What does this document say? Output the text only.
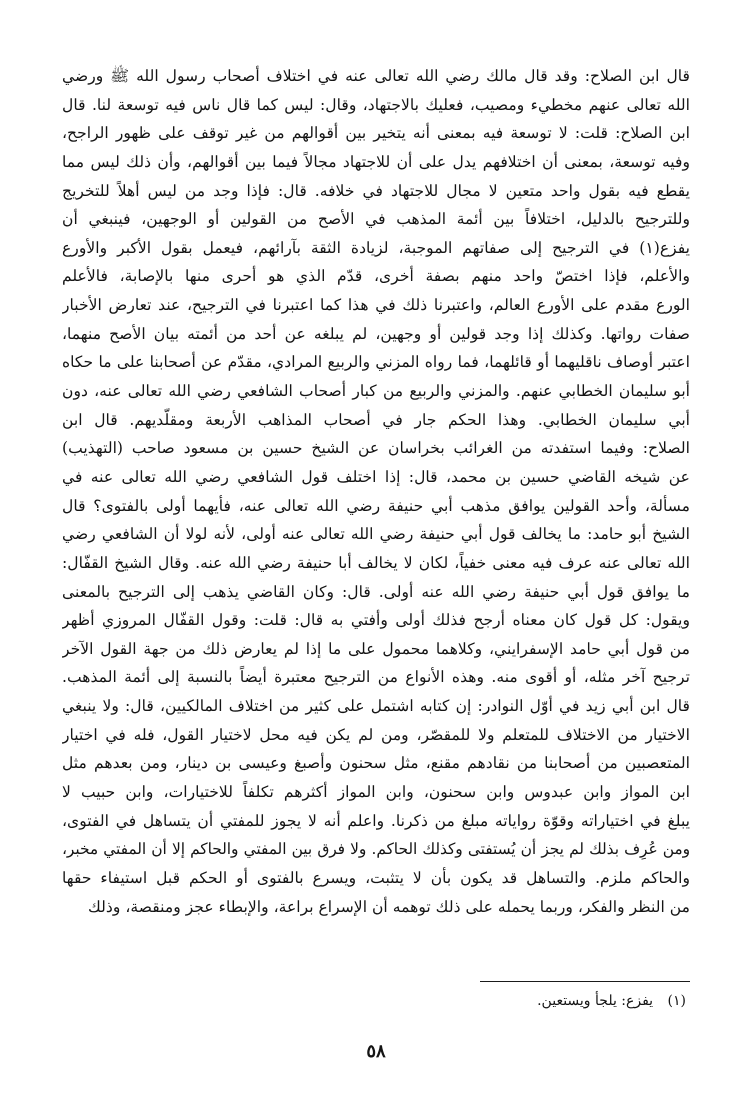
قال ابن الصلاح: وقد قال مالك رضي الله تعالى عنه في اختلاف أصحاب رسول الله ﷺ ورضي
الله تعالى عنهم مخطيء ومصيب، فعليك بالاجتهاد، وقال: ليس كما قال ناس فيه توسعة لنا. قال
ابن الصلاح: قلت: لا توسعة فيه بمعنى أنه يتخير بين أقوالهم من غير توقف على ظهور الراجح،
وفيه توسعة، بمعنى أن اختلافهم يدل على أن للاجتهاد مجالاً فيما بين أقوالهم، وأن ذلك ليس مما
يقطع فيه بقول واحد متعين لا مجال للاجتهاد في خلافه. قال: فإذا وجد من ليس أهلاً للتخريج
وللترجيح بالدليل، اختلافاً بين أئمة المذهب في الأصح من القولين أو الوجهين، فينبغي أن
يفزع(١) في الترجيح إلى صفاتهم الموجبة، لزيادة الثقة بآرائهم، فيعمل بقول الأكبر والأورع
والأعلم، فإذا اختصّ واحد منهم بصفة أخرى، قدّم الذي هو أحرى منها بالإصابة، فالأعلم
الورع مقدم على الأورع العالم، واعتبرنا ذلك في هذا كما اعتبرنا في الترجيح، عند تعارض الأخبار
صفات رواتها. وكذلك إذا وجد قولين أو وجهين، لم يبلغه عن أحد من أئمته بيان الأصح منهما،
اعتبر أوصاف ناقليهما أو قائلهما، فما رواه المزني والربيع المرادي، مقدّم عن أصحابنا على ما حكاه
أبو سليمان الخطابي عنهم. والمزني والربيع من كبار أصحاب الشافعي رضي الله تعالى عنه، دون
أبي سليمان الخطابي. وهذا الحكم جار في أصحاب المذاهب الأربعة ومقلّديهم. قال ابن
الصلاح: وفيما استفدته من الغرائب بخراسان عن الشيخ حسين بن مسعود صاحب (التهذيب)
عن شيخه القاضي حسين بن محمد، قال: إذا اختلف قول الشافعي رضي الله تعالى عنه في
مسألة، وأحد القولين يوافق مذهب أبي حنيفة رضي الله تعالى عنه، فأيهما أولى بالفتوى؟ قال
الشيخ أبو حامد: ما يخالف قول أبي حنيفة رضي الله تعالى عنه أولى، لأنه لولا أن الشافعي رضي
الله تعالى عنه عرف فيه معنى خفياً، لكان لا يخالف أبا حنيفة رضي الله عنه. وقال الشيخ القفّال:
ما يوافق قول أبي حنيفة رضي الله عنه أولى. قال: وكان القاضي يذهب إلى الترجيح بالمعنى
ويقول: كل قول كان معناه أرجح فذلك أولى وأفتي به قال: قلت: وقول القفّال المروزي أظهر
من قول أبي حامد الإسفرايني، وكلاهما محمول على ما إذا لم يعارض ذلك من جهة القول الآخر
ترجيح آخر مثله، أو أقوى منه. وهذه الأنواع من الترجيح معتبرة أيضاً بالنسبة إلى أئمة المذهب.
قال ابن أبي زيد في أوّل النوادر: إن كتابه اشتمل على كثير من اختلاف المالكيين، قال: ولا ينبغي
الاختيار من الاختلاف للمتعلم ولا للمقصّر، ومن لم يكن فيه محل لاختيار القول، فله في اختيار
المتعصبين من أصحابنا من نقادهم مقنع، مثل سحنون وأصبغ وعيسى بن دينار، ومن بعدهم مثل
ابن المواز وابن عبدوس وابن سحنون، وابن المواز أكثرهم تكلفاً للاختيارات، وابن حبيب لا
يبلغ في اختياراته وقوّة رواياته مبلغ من ذكرنا. واعلم أنه لا يجوز للمفتي أن يتساهل في الفتوى،
ومن عُرِف بذلك لم يجز أن يُستفتى وكذلك الحاكم. ولا فرق بين المفتي والحاكم إلا أن المفتي مخبر،
والحاكم ملزم. والتساهل قد يكون بأن لا يتثبت، ويسرع بالفتوى أو الحكم قبل استيفاء حقها
من النظر والفكر، وربما يحمله على ذلك توهمه أن الإسراع براعة، والإبطاء عجز ومنقصة، وذلك
(١) يفزع: يلجأ ويستعين.
٥٨
